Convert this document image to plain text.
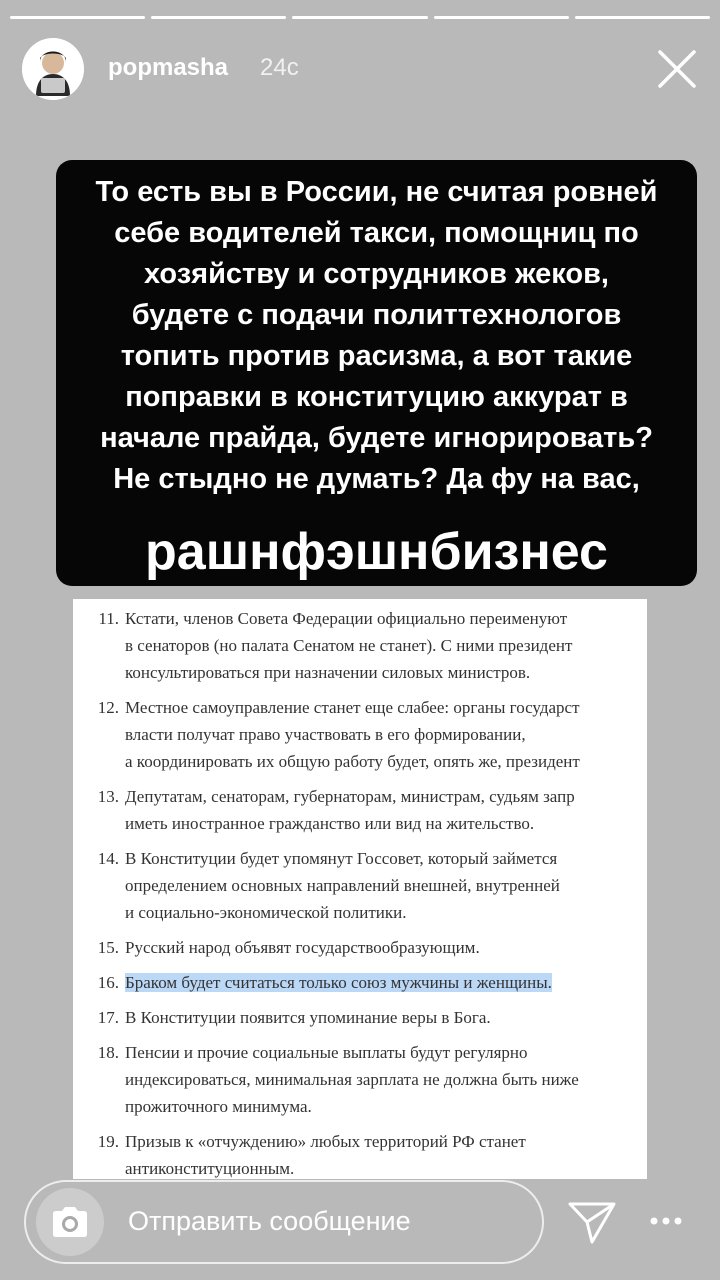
popmasha 24с
То есть вы в России, не считая ровней
себе водителей такси, помощниц по
хозяйству и сотрудников жеков,
будете с подачи политтехнологов
топить против расизма, а вот такие
поправки в конституцию аккурат в
начале прайда, будете игнорировать?
Не стыдно не думать? Да фу на вас,
рашнфэшнбизнес
11. Кстати, членов Совета Федерации официально переименуют
в сенаторов (но палата Сенатом не станет). С ними президент
консультироваться при назначении силовых министров.
12. Местное самоуправление станет еще слабее: органы государст
власти получат право участвовать в его формировании,
а координировать их общую работу будет, опять же, президент
13. Депутатам, сенаторам, губернаторам, министрам, судьям запр
иметь иностранное гражданство или вид на жительство.
14. В Конституции будет упомянут Госсовет, который займется
определением основных направлений внешней, внутренней
и социально-экономической политики.
15. Русский народ объявят государствообразующим.
16. Браком будет считаться только союз мужчины и женщины.
17. В Конституции появится упоминание веры в Бога.
18. Пенсии и прочие социальные выплаты будут регулярно
индексироваться, минимальная зарплата не должна быть ниже
прожиточного минимума.
19. Призыв к «отчуждению» любых территорий РФ станет
антиконституционным.
Отправить сообщение
